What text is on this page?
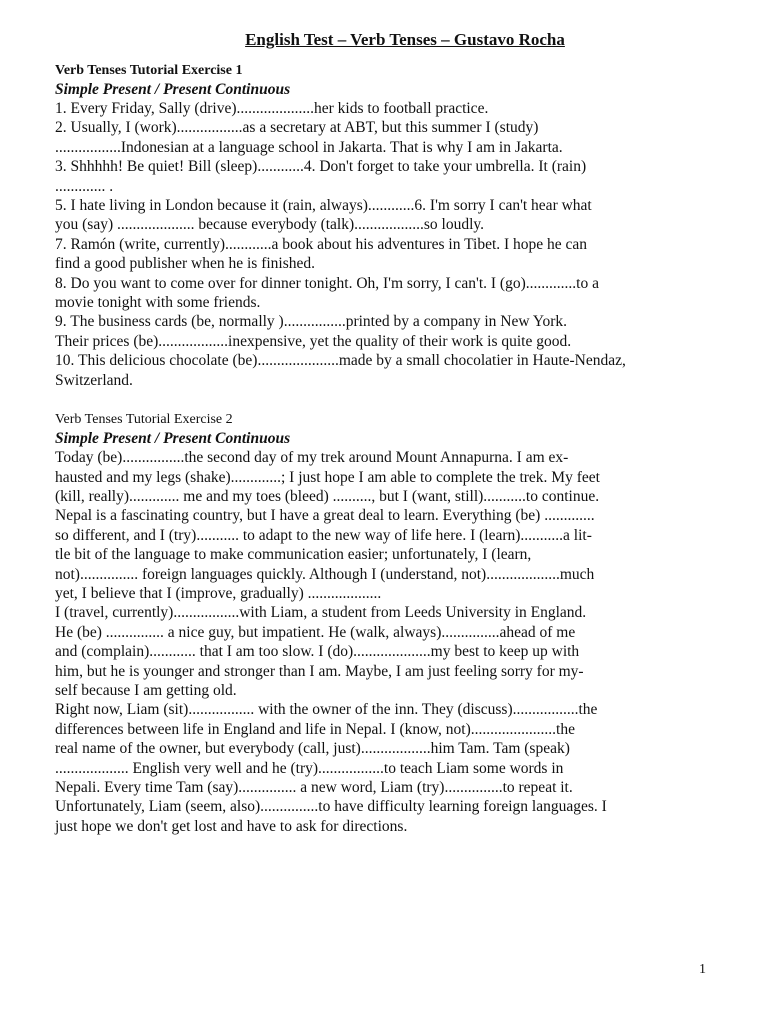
English Test – Verb Tenses – Gustavo Rocha
Verb Tenses Tutorial Exercise 1
Simple Present / Present Continuous
1. Every Friday, Sally (drive)....................her kids to football practice.
2. Usually, I (work).................as a secretary at ABT, but this summer I (study)
.................Indonesian at a language school in Jakarta. That is why I am in Jakarta.
3. Shhhhh! Be quiet! Bill (sleep)............4. Don't forget to take your umbrella. It (rain)
............. .
5. I hate living in London because it (rain, always)............6. I'm sorry I can't hear what
you (say) .................... because everybody (talk)..................so loudly.
7. Ramón (write, currently)............a book about his adventures in Tibet. I hope he can
find a good publisher when he is finished.
8. Do you want to come over for dinner tonight. Oh, I'm sorry, I can't. I (go).............to a
movie tonight with some friends.
9. The business cards (be, normally )................printed by a company in New York.
Their prices (be)..................inexpensive, yet the quality of their work is quite good.
10. This delicious chocolate (be).....................made by a small chocolatier in Haute-Nendaz,
Switzerland.
Verb Tenses Tutorial Exercise 2
Simple Present / Present Continuous
Today (be)................the second day of my trek around Mount Annapurna. I am ex-
hausted and my legs (shake).............; I just hope I am able to complete the trek. My feet
(kill, really)............. me and my toes (bleed) .........., but I (want, still)...........to continue.
Nepal is a fascinating country, but I have a great deal to learn. Everything (be) .............
so different, and I (try)........... to adapt to the new way of life here. I (learn)...........a lit-
tle bit of the language to make communication easier; unfortunately, I (learn,
not)............... foreign languages quickly. Although I (understand, not)...................much
yet, I believe that I (improve, gradually) ...................
I (travel, currently).................with Liam, a student from Leeds University in England.
He (be) ............... a nice guy, but impatient. He (walk, always)...............ahead of me
and (complain)............ that I am too slow. I (do)....................my best to keep up with
him, but he is younger and stronger than I am. Maybe, I am just feeling sorry for my-
self because I am getting old.
Right now, Liam (sit)................. with the owner of the inn. They (discuss).................the
differences between life in England and life in Nepal. I (know, not)......................the
real name of the owner, but everybody (call, just)..................him Tam. Tam (speak)
................... English very well and he (try).................to teach Liam some words in
Nepali. Every time Tam (say)............... a new word, Liam (try)...............to repeat it.
Unfortunately, Liam (seem, also)...............to have difficulty learning foreign languages. I
just hope we don't get lost and have to ask for directions.
1
